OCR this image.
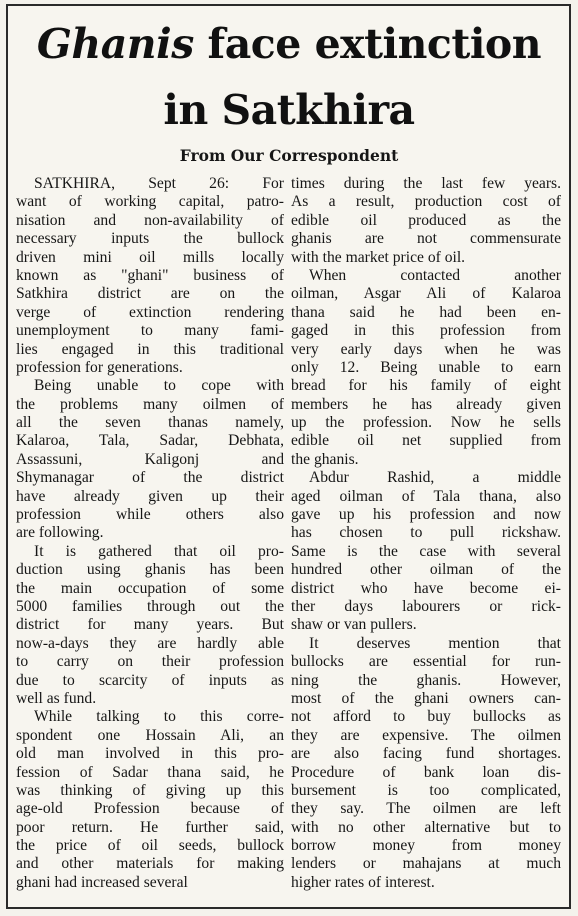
Ghanis face extinction
in Satkhira
From Our Correspondent
SATKHIRA, Sept 26: For
want of working capital, patro-
nisation and non-availability of
necessary inputs the bullock
driven mini oil mills locally
known as "ghani" business of
Satkhira district are on the
verge of extinction rendering
unemployment to many fami-
lies engaged in this traditional
profession for generations.
Being unable to cope with
the problems many oilmen of
all the seven thanas namely,
Kalaroa, Tala, Sadar, Debhata,
Assassuni, Kaligonj and
Shymanagar of the district
have already given up their
profession while others also
are following.
It is gathered that oil pro-
duction using ghanis has been
the main occupation of some
5000 families through out the
district for many years. But
now-a-days they are hardly able
to carry on their profession
due to scarcity of inputs as
well as fund.
While talking to this corre-
spondent one Hossain Ali, an
old man involved in this pro-
fession of Sadar thana said, he
was thinking of giving up this
age-old Profession because of
poor return. He further said,
the price of oil seeds, bullock
and other materials for making
ghani had increased several
times during the last few years.
As a result, production cost of
edible oil produced as the
ghanis are not commensurate
with the market price of oil.
When contacted another
oilman, Asgar Ali of Kalaroa
thana said he had been en-
gaged in this profession from
very early days when he was
only 12. Being unable to earn
bread for his family of eight
members he has already given
up the profession. Now he sells
edible oil net supplied from
the ghanis.
Abdur Rashid, a middle
aged oilman of Tala thana, also
gave up his profession and now
has chosen to pull rickshaw.
Same is the case with several
hundred other oilman of the
district who have become ei-
ther days labourers or rick-
shaw or van pullers.
It deserves mention that
bullocks are essential for run-
ning the ghanis. However,
most of the ghani owners can-
not afford to buy bullocks as
they are expensive. The oilmen
are also facing fund shortages.
Procedure of bank loan dis-
bursement is too complicated,
they say. The oilmen are left
with no other alternative but to
borrow money from money
lenders or mahajans at much
higher rates of interest.
